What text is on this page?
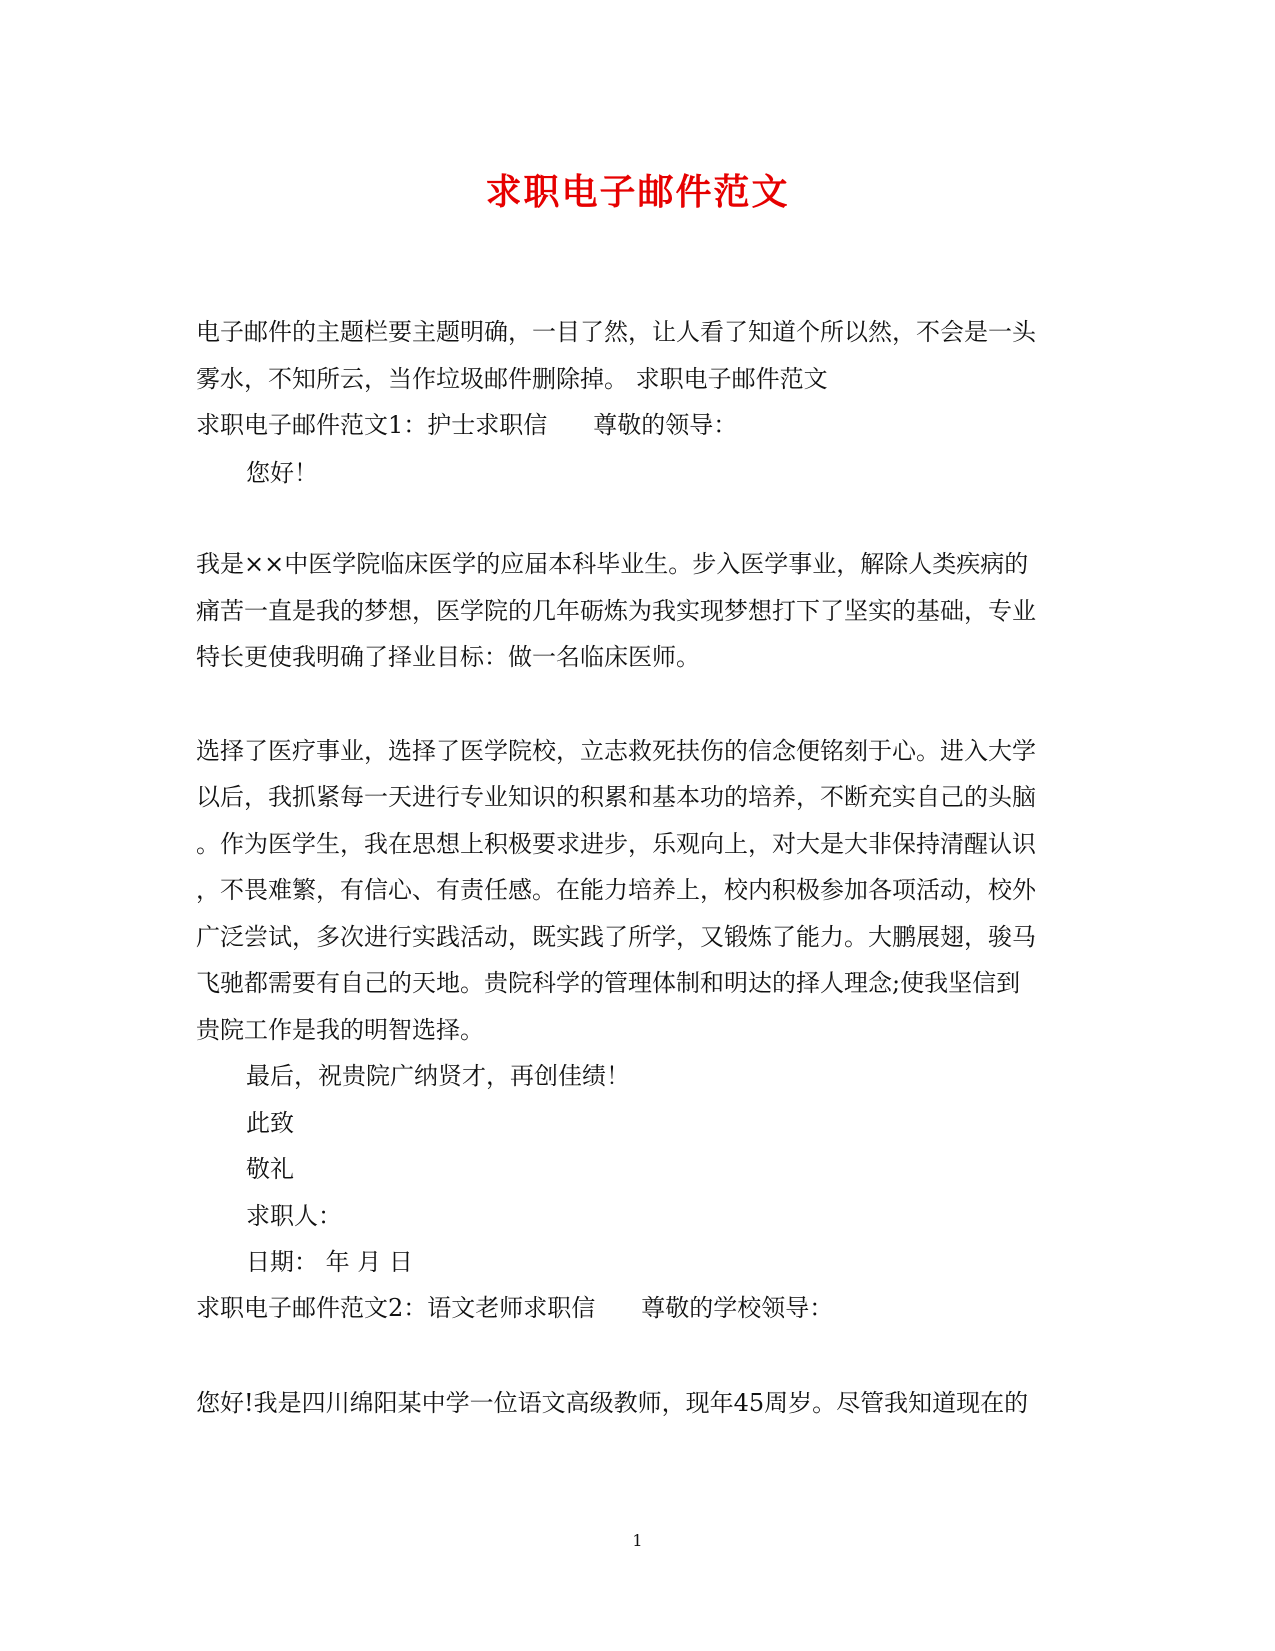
求职电子邮件范文
电子邮件的主题栏要主题明确，一目了然，让人看了知道个所以然，不会是一头
雾水，不知所云，当作垃圾邮件删除掉。 求职电子邮件范文
求职电子邮件范文1：护士求职信 尊敬的领导：
您好！
我是××中医学院临床医学的应届本科毕业生。步入医学事业，解除人类疾病的
痛苦一直是我的梦想，医学院的几年砺炼为我实现梦想打下了坚实的基础，专业
特长更使我明确了择业目标：做一名临床医师。
选择了医疗事业，选择了医学院校，立志救死扶伤的信念便铭刻于心。进入大学
以后，我抓紧每一天进行专业知识的积累和基本功的培养，不断充实自己的头脑
。作为医学生，我在思想上积极要求进步，乐观向上，对大是大非保持清醒认识
，不畏难繁，有信心、有责任感。在能力培养上，校内积极参加各项活动，校外
广泛尝试，多次进行实践活动，既实践了所学，又锻炼了能力。大鹏展翅，骏马
飞驰都需要有自己的天地。贵院科学的管理体制和明达的择人理念;使我坚信到
贵院工作是我的明智选择。
最后，祝贵院广纳贤才，再创佳绩！
此致
敬礼
求职人：
日期： 年 月 日
求职电子邮件范文2：语文老师求职信 尊敬的学校领导：
您好!我是四川绵阳某中学一位语文高级教师，现年45周岁。尽管我知道现在的
1
